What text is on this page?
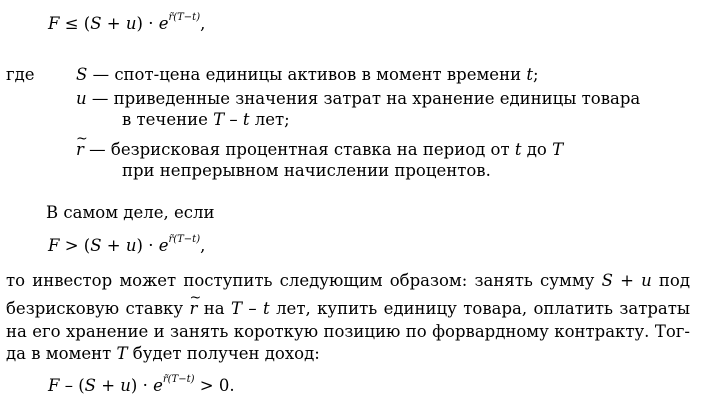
$F \le (S + u) \cdot e^{r̃(T-t)}$,
где	S — спот-цена единицы активов в момент времени t;
u — приведенные значения затрат на хранение единицы товара
в течение T – t лет;
~ r — безрисковая процентная ставка на период от t до T
при непрерывном начислении процентов.
В самом деле, если
$F > (S + u) \cdot e^{r̃(T-t)}$,
то инвестор может поступить следующим образом: занять сумму S + u под
безрисковую ставку ~ r на T – t лет, купить единицу товара, оплатить затраты
на его хранение и занять короткую позицию по форвардному контракту. Тог-
да в момент T будет получен доход:
$F - (S + u) \cdot e^{r̃(T-t)} > 0$.
